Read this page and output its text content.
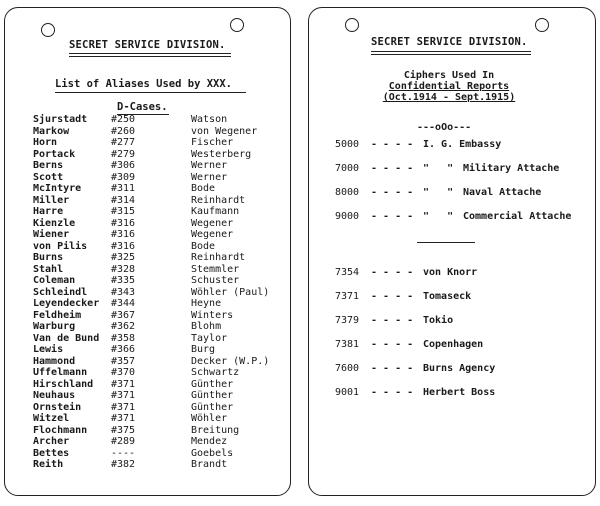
SECRET SERVICE DIVISION.
List of Aliases Used by XXX.
D-Cases.
Sjurstadt
Markow
Horn
Portack
Berns
Scott
McIntyre
Miller
Harre
Kienzle
Wiener
von Pilis
Burns
Stahl
Coleman
Schleindl
Leyendecker
Feldheim
Warburg
Van de Bund
Lewis
Hammond
Uffelmann
Hirschland
Neuhaus
Ornstein
Witzel
Flochmann
Archer
Bettes
Reith
#250
#260
#277
#279
#306
#309
#311
#314
#315
#316
#316
#316
#325
#328
#335
#343
#344
#367
#362
#358
#366
#357
#370
#371
#371
#371
#371
#375
#289
----
#382
Watson
von Wegener
Fischer
Westerberg
Werner
Werner
Bode
Reinhardt
Kaufmann
Wegener
Wegener
Bode
Reinhardt
Stemmler
Schuster
Wöhler (Paul)
Heyne
Winters
Blohm
Taylor
Burg
Decker (W.P.)
Schwartz
Günther
Günther
Günther
Wöhler
Breitung
Mendez
Goebels
Brandt
SECRET SERVICE DIVISION.
Ciphers Used In
Confidential Reports
(Oct.1914 - Sept.1915)
---oOo---
5000 - - - - I. G. Embassy
7000 - - - - "   " Military Attache
8000 - - - - "   " Naval Attache
9000 - - - - "   " Commercial Attache
7354 - - - - von Knorr
7371 - - - - Tomaseck
7379 - - - - Tokio
7381 - - - - Copenhagen
7600 - - - - Burns Agency
9001 - - - - Herbert Boss
